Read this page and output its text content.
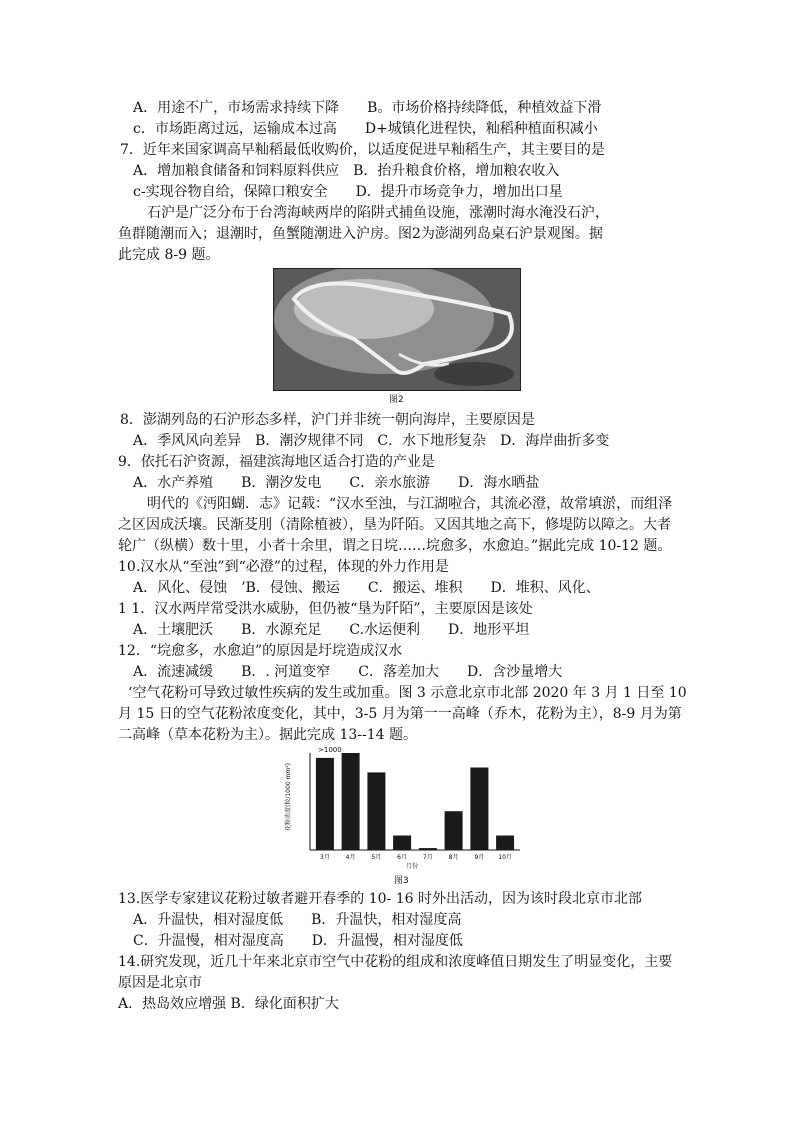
A．用途不广，市场需求持续下降　　B。市场价格持续降低，种植效益下滑
c．市场距离过远，运输成本过高　　D+城镇化进程快，籼稻种植面积减小
7．近年来国家调高早籼稻最低收购价，以适度促进早籼稻生产，其主要目的是
A．增加粮食储备和饲料原料供应　B．抬升粮食价格，增加粮农收入
c-实现谷物自给，保障口粮安全　　D．提升市场竞争力，增加出口星
石沪是广泛分布于台湾海峡两岸的陷阱式捕鱼设施，涨潮时海水淹没石沪，
鱼群随潮而入；退潮时，鱼蟹随潮进入沪房。图2为澎湖列岛桌石沪景观图。据
此完成 8-9 题。
图2
8．澎湖列岛的石沪形态多样，沪门并非统一朝向海岸，主要原因是
A．季风风向差异　B．潮汐规律不同　C．水下地形复杂　D．海岸曲折多变
9．依托石沪资源，福建滨海地区适合打造的产业是
A．水产养殖　　B．潮汐发电　　C．亲水旅游　　D．海水晒盐
明代的《沔阳蝴．志》记载：“汉水至浊，与江湖啦合，其流必澄，故常填淤，而组泽
之区因成沃壤。民渐芟刖（清除植被），垦为阡陌。又因其地之高下，修堤防以障之。大者
轮广（纵横）数十里，小者十余里，谓之日垸……垸愈多，水愈迫。”据此完成 10-12 题。
10.汉水从“至浊”到“必澄”的过程，体现的外力作用是
A．风化、侵蚀　’B．侵蚀、搬运　　C．搬运、堆积　　D．堆积、风化、
1 1．汉水两岸常受洪水威胁，但仍被“垦为阡陌”，主要原因是该处
A．土壤肥沃　　B．水源充足　　C.水运便利　　D．地形平坦
12．“垸愈多，水愈迫”的原因是圩垸造成汉水
A．流速减缓　　B．. 河道变窄　　C．落差加大　　D．含沙量增大
‘空气花粉可导致过敏性疾病的发生或加重。图 3 示意北京市北部 2020 年 3 月 1 日至 10
月 15 日的空气花粉浓度变化，其中，3-5 月为第一一高峰（乔木，花粉为主），8-9 月为第
二高峰（草本花粉为主）。据此完成 13--14 题。
>1000
花粉浓度(粒/1000 mm²)
3月	4月	5月	6月	7月	8月	9月 10月
月份
图3
13.医学专家建议花粉过敏者避开春季的 10- 16 时外出活动，因为该时段北京市北部
A．升温快，相对湿度低　　B．升温快，相对湿度高
C．升温慢，相对湿度高　　D．升温慢，相对湿度低
14.研究发现，近几十年来北京市空气中花粉的组成和浓度峰值日期发生了明显变化，主要
原因是北京市
A．热岛效应增强 B．绿化面积扩大
